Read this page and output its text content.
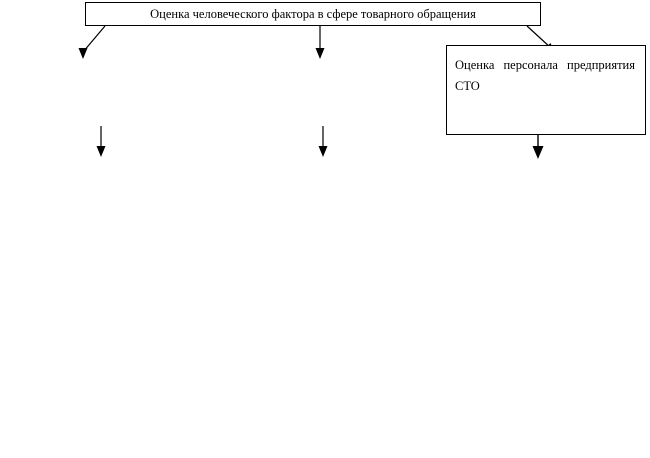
Оценка человеческого фактора в сфере товарного обращения
Оценка персонала предприятия СТО
